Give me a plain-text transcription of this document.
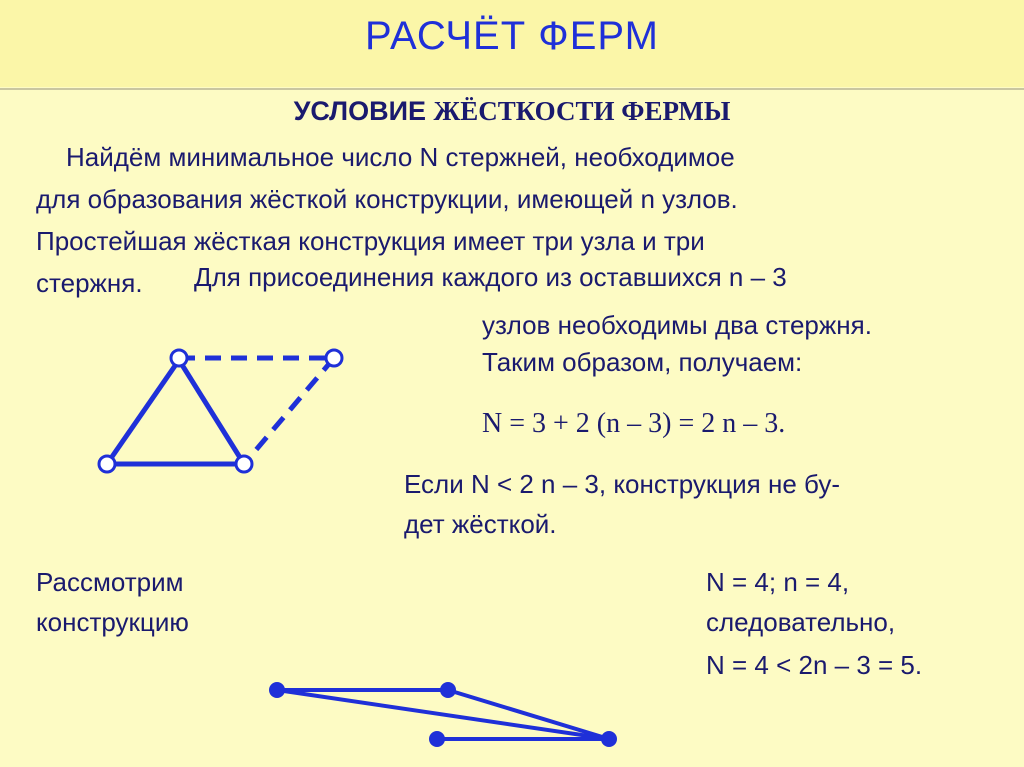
РАСЧЁТ ФЕРМ
УСЛОВИЕ ЖЁСТКОСТИ ФЕРМЫ
Найдём минимальное число N стержней, необходимое
для образования жёсткой конструкции, имеющей n узлов.
Простейшая жёсткая конструкция имеет три узла и три
стержня. Для присоединения каждого из оставшихся n – 3
узлов необходимы два стержня.
Таким образом, получаем:
N = 3 + 2 (n – 3) = 2 n – 3.
Если N < 2 n – 3, конструкция не бу-
дет жёсткой.
Рассмотрим
конструкцию
N = 4; n = 4,
следовательно,
N = 4 < 2n – 3 = 5.
